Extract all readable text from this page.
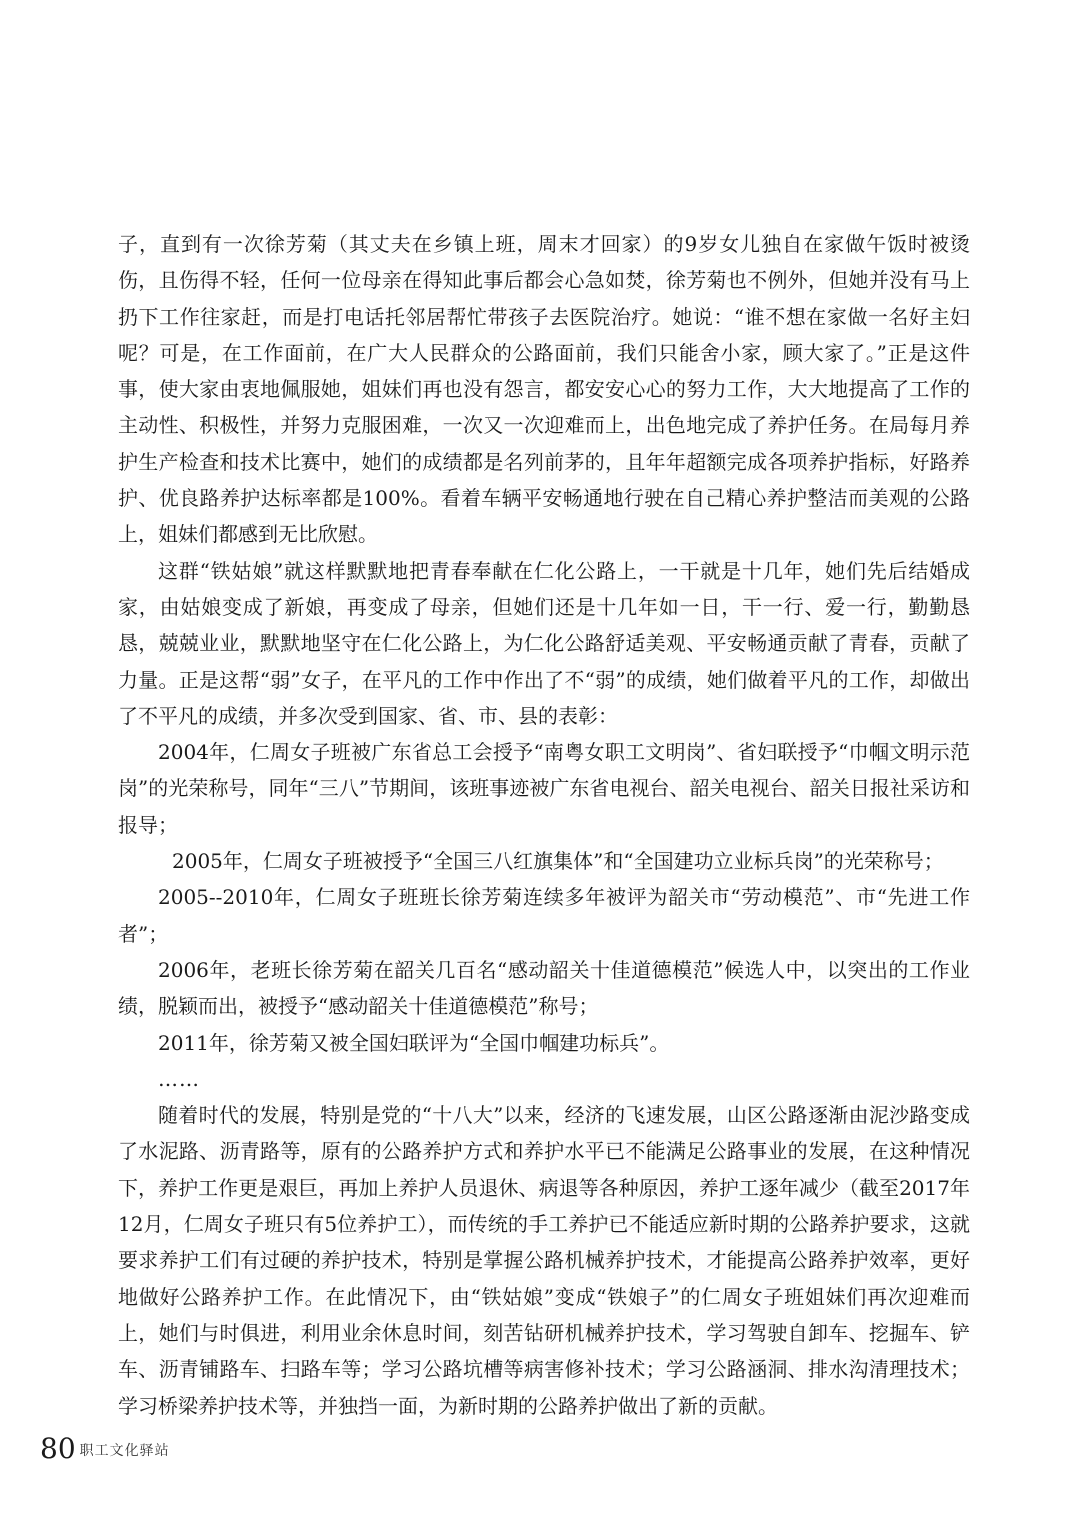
子，直到有一次徐芳菊（其丈夫在乡镇上班，周末才回家）的9岁女儿独自在家做午饭时被烫伤，且伤得不轻，任何一位母亲在得知此事后都会心急如焚，徐芳菊也不例外，但她并没有马上扔下工作往家赶，而是打电话托邻居帮忙带孩子去医院治疗。她说：“谁不想在家做一名好主妇呢？可是，在工作面前，在广大人民群众的公路面前，我们只能舍小家，顾大家了。”正是这件事，使大家由衷地佩服她，姐妹们再也没有怨言，都安安心心的努力工作，大大地提高了工作的主动性、积极性，并努力克服困难，一次又一次迎难而上，出色地完成了养护任务。在局每月养护生产检查和技术比赛中，她们的成绩都是名列前茅的，且年年超额完成各项养护指标，好路养护、优良路养护达标率都是100%。看着车辆平安畅通地行驶在自己精心养护整洁而美观的公路上，姐妹们都感到无比欣慰。

这群“铁姑娘”就这样默默地把青春奉献在仁化公路上，一干就是十几年，她们先后结婚成家，由姑娘变成了新娘，再变成了母亲，但她们还是十几年如一日，干一行、爱一行，勤勤恳恳，兢兢业业，默默地坚守在仁化公路上，为仁化公路舒适美观、平安畅通贡献了青春，贡献了力量。正是这帮“弱”女子，在平凡的工作中作出了不“弱”的成绩，她们做着平凡的工作，却做出了不平凡的成绩，并多次受到国家、省、市、县的表彰：

2004年，仁周女子班被广东省总工会授予“南粤女职工文明岗”、省妇联授予“巾帼文明示范岗”的光荣称号，同年“三八”节期间，该班事迹被广东省电视台、韶关电视台、韶关日报社采访和报导；

2005年，仁周女子班被授予“全国三八红旗集体”和“全国建功立业标兵岗”的光荣称号；

2005--2010年，仁周女子班班长徐芳菊连续多年被评为韶关市“劳动模范”、市“先进工作者”；

2006年，老班长徐芳菊在韶关几百名“感动韶关十佳道德模范”候选人中，以突出的工作业绩，脱颖而出，被授予“感动韶关十佳道德模范”称号；

2011年，徐芳菊又被全国妇联评为“全国巾帼建功标兵”。

……

随着时代的发展，特别是党的“十八大”以来，经济的飞速发展，山区公路逐渐由泥沙路变成了水泥路、沥青路等，原有的公路养护方式和养护水平已不能满足公路事业的发展，在这种情况下，养护工作更是艰巨，再加上养护人员退休、病退等各种原因，养护工逐年减少（截至2017年12月，仁周女子班只有5位养护工），而传统的手工养护已不能适应新时期的公路养护要求，这就要求养护工们有过硬的养护技术，特别是掌握公路机械养护技术，才能提高公路养护效率，更好地做好公路养护工作。在此情况下，由“铁姑娘”变成“铁娘子”的仁周女子班姐妹们再次迎难而上，她们与时俱进，利用业余休息时间，刻苦钻研机械养护技术，学习驾驶自卸车、挖掘车、铲车、沥青铺路车、扫路车等；学习公路坑槽等病害修补技术；学习公路涵洞、排水沟清理技术；学习桥梁养护技术等，并独挡一面，为新时期的公路养护做出了新的贡献。

80 职工文化驿站
